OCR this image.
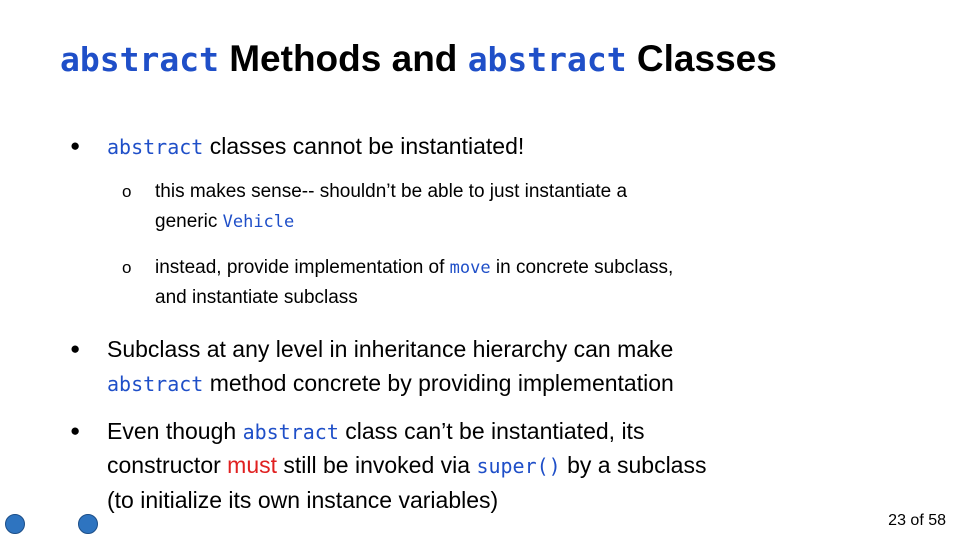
abstract Methods and abstract Classes
● abstract classes cannot be instantiated!
o this makes sense-- shouldn’t be able to just instantiate a
generic Vehicle
o instead, provide implementation of move in concrete subclass,
and instantiate subclass
● Subclass at any level in inheritance hierarchy can make
abstract method concrete by providing implementation
● Even though abstract class can’t be instantiated, its
constructor must still be invoked via super() by a subclass
(to initialize its own instance variables)
23 of 58
